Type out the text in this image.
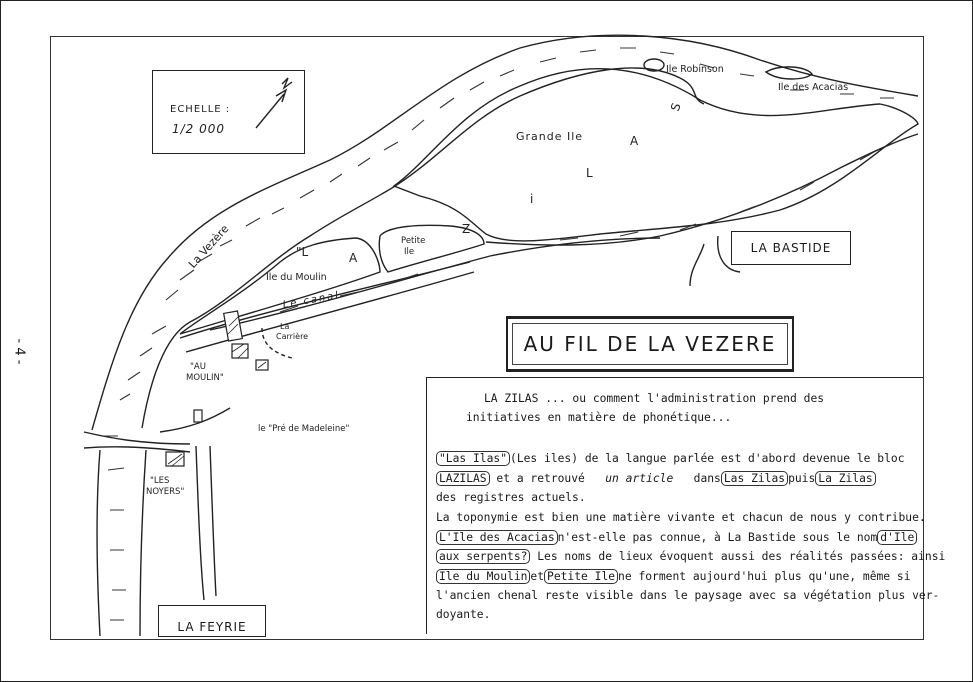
- 4 -
ECHELLE :
1/2 000
Ile Robinson
Ile des Acacias
Grande Ile
Petite
Ile
La Vezère
Ile du Moulin
Le canal
La
Carrière
"AU
MOULIN"
le "Pré de Madeleine"
"LES
NOYERS"
"L	A
Z
i
L
A
S
LA BASTIDE
LA FEYRIE
AU FIL DE LA VEZERE
LA ZILAS ... ou comment l'administration prend des
initiatives en matière de phonétique...
"Las Ilas" (Les iles) de la langue parlée est d'abord devenue le bloc
LAZILAS et a retrouvé   un article   dans Las Zilas puis La Zilas
des registres actuels.
La toponymie est bien une matière vivante et chacun de nous y contribue.
L'Ile des Acacias n'est-elle pas connue, à La Bastide sous le nom d'Ile
aux serpents? Les noms de lieux évoquent aussi des réalités passées: ainsi
Ile du Moulin et Petite Ile ne forment aujourd'hui plus qu'une, même si
l'ancien chenal reste visible dans le paysage avec sa végétation plus ver-
doyante.
